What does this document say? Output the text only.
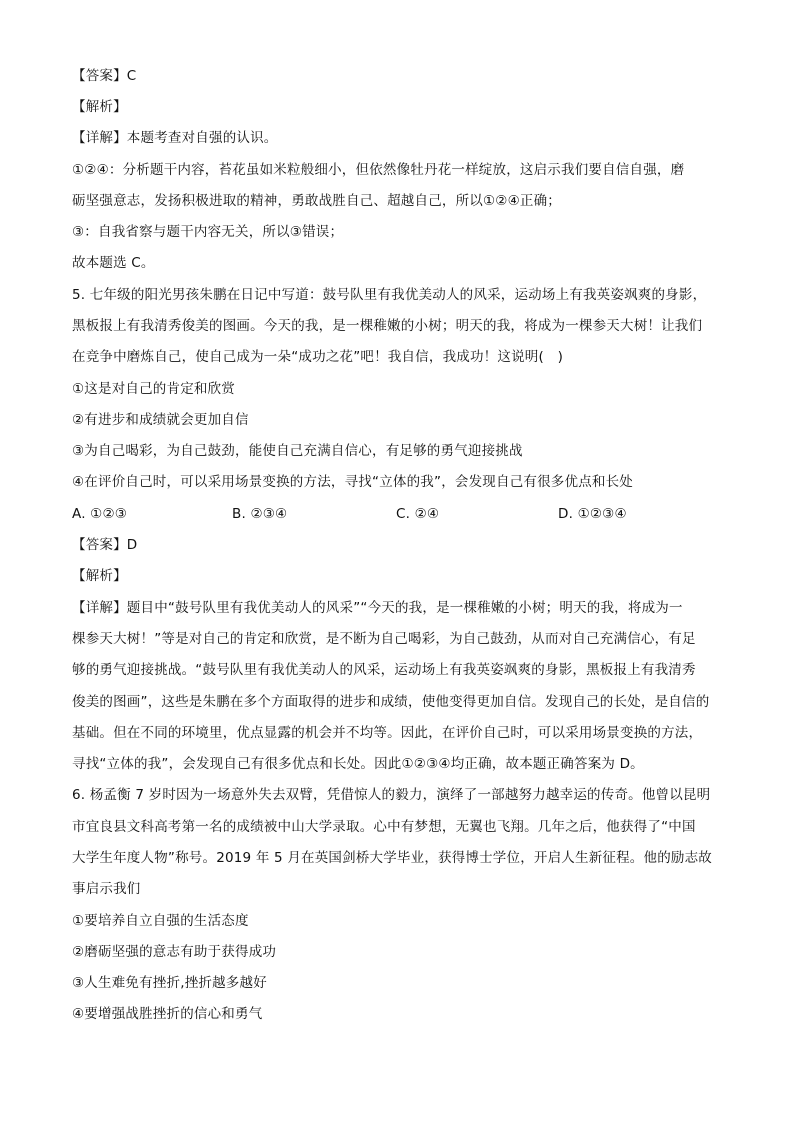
【答案】C
【解析】
【详解】本题考查对自强的认识。
①②④：分析题干内容，苔花虽如米粒般细小，但依然像牡丹花一样绽放，这启示我们要自信自强，磨
砺坚强意志，发扬积极进取的精神，勇敢战胜自己、超越自己，所以①②④正确；
③：自我省察与题干内容无关，所以③错误；
故本题选 C。
5. 七年级的阳光男孩朱鹏在日记中写道：鼓号队里有我优美动人的风采，运动场上有我英姿飒爽的身影，
黑板报上有我清秀俊美的图画。今天的我，是一棵稚嫩的小树；明天的我，将成为一棵参天大树！让我们
在竞争中磨炼自己，使自己成为一朵“成功之花”吧！我自信，我成功！这说明(　)
①这是对自己的肯定和欣赏
②有进步和成绩就会更加自信
③为自己喝彩，为自己鼓劲，能使自己充满自信心，有足够的勇气迎接挑战
④在评价自己时，可以采用场景变换的方法，寻找“立体的我”，会发现自己有很多优点和长处
A. ①②③	B. ②③④	C. ②④	D. ①②③④
【答案】D
【解析】
【详解】题目中“鼓号队里有我优美动人的风采”“今天的我，是一棵稚嫩的小树；明天的我，将成为一
棵参天大树！”等是对自己的肯定和欣赏，是不断为自己喝彩，为自己鼓劲，从而对自己充满信心，有足
够的勇气迎接挑战。“鼓号队里有我优美动人的风采，运动场上有我英姿飒爽的身影，黑板报上有我清秀
俊美的图画”，这些是朱鹏在多个方面取得的进步和成绩，使他变得更加自信。发现自己的长处，是自信的
基础。但在不同的环境里，优点显露的机会并不均等。因此，在评价自己时，可以采用场景变换的方法，
寻找“立体的我”，会发现自己有很多优点和长处。因此①②③④均正确，故本题正确答案为 D。
6. 杨孟衡 7 岁时因为一场意外失去双臂，凭借惊人的毅力，演绎了一部越努力越幸运的传奇。他曾以昆明
市宜良县文科高考第一名的成绩被中山大学录取。心中有梦想，无翼也飞翔。几年之后，他获得了“中国
大学生年度人物”称号。2019 年 5 月在英国剑桥大学毕业，获得博士学位，开启人生新征程。他的励志故
事启示我们
①要培养自立自强的生活态度
②磨砺坚强的意志有助于获得成功
③人生难免有挫折,挫折越多越好
④要增强战胜挫折的信心和勇气
